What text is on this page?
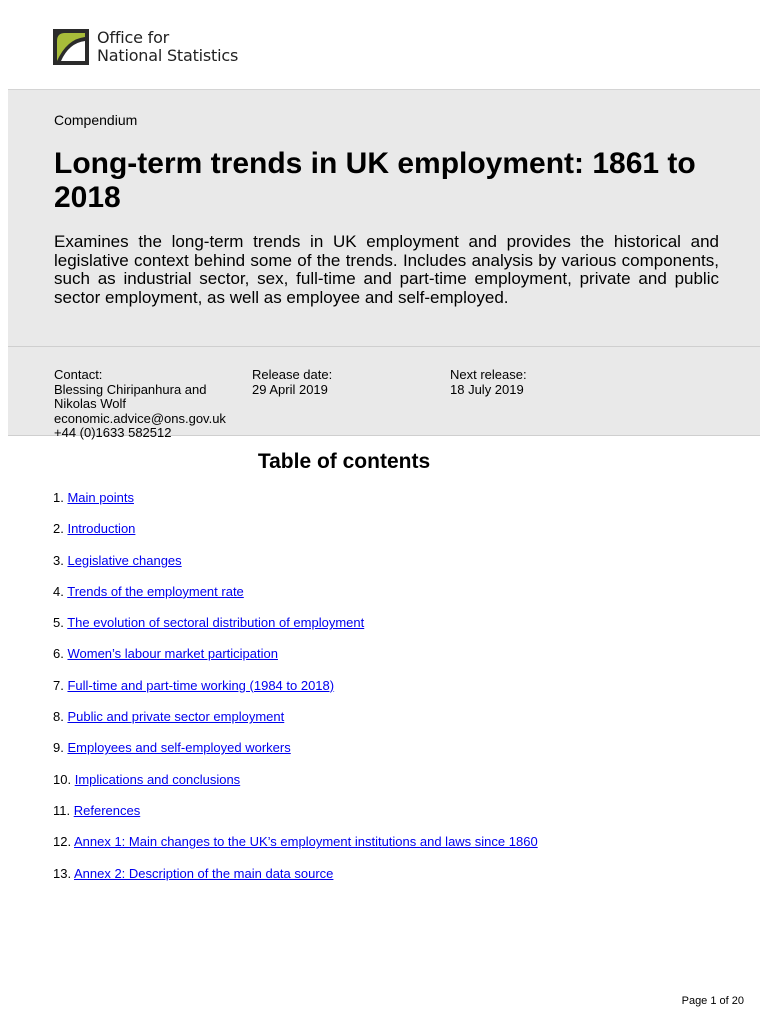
Office for
National Statistics
Compendium
Long-term trends in UK employment: 1861 to 2018

Examines the long-term trends in UK employment and provides the historical and legislative context behind some of the trends. Includes analysis by various components, such as industrial sector, sex, full-time and part-time employment, private and public sector employment, as well as employee and self-employed.

Contact:
Blessing Chiripanhura and
Nikolas Wolf
economic.advice@ons.gov.uk
+44 (0)1633 582512
Release date:
29 April 2019
Next release:
18 July 2019
Table of contents
1. Main points
2. Introduction
3. Legislative changes
4. Trends of the employment rate
5. The evolution of sectoral distribution of employment
6. Women’s labour market participation
7. Full-time and part-time working (1984 to 2018)
8. Public and private sector employment
9. Employees and self-employed workers
10. Implications and conclusions
11. References
12. Annex 1: Main changes to the UK’s employment institutions and laws since 1860
13. Annex 2: Description of the main data source
Page 1 of 20
